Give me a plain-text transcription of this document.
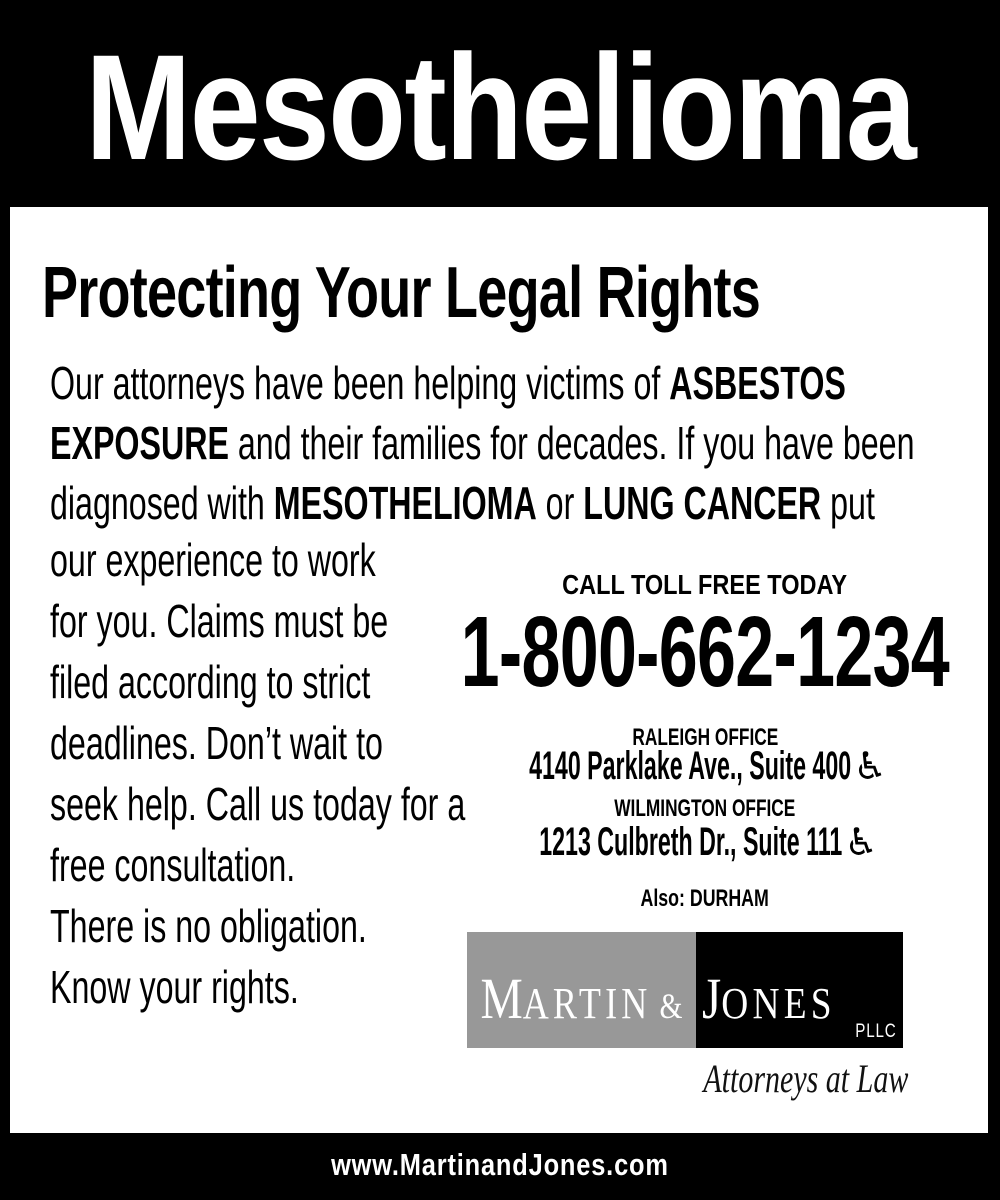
Mesothelioma
Protecting Your Legal Rights
Our attorneys have been helping victims of ASBESTOS
EXPOSURE and their families for decades. If you have been
diagnosed with MESOTHELIOMA or LUNG CANCER put
our experience to work
for you. Claims must be
filed according to strict
deadlines. Don’t wait to
seek help. Call us today for a
free consultation.
There is no obligation.
Know your rights.
CALL TOLL FREE TODAY
1-800-662-1234
RALEIGH OFFICE
4140 Parklake Ave., Suite 400♿
WILMINGTON OFFICE
1213 Culbreth Dr., Suite 111♿
Also: DURHAM
M ARTIN & J ONES
PLLC
Attorneys at Law
www.MartinandJones.com
